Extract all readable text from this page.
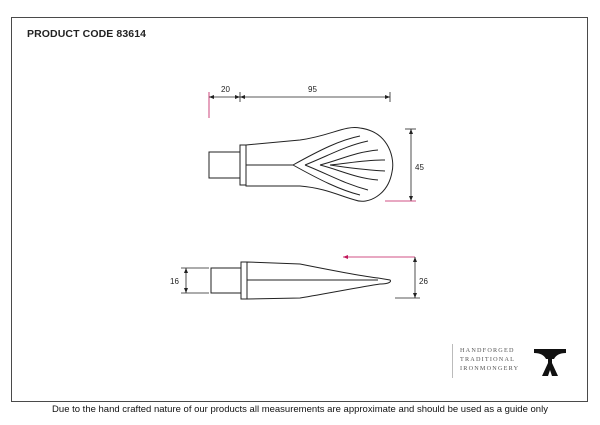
PRODUCT CODE 83614
20	95
45
16	26
HANDFORGED
TRADITIONAL
IRONMONGERY
Due to the hand crafted nature of our products all measurements are approximate and should be used as a guide only
